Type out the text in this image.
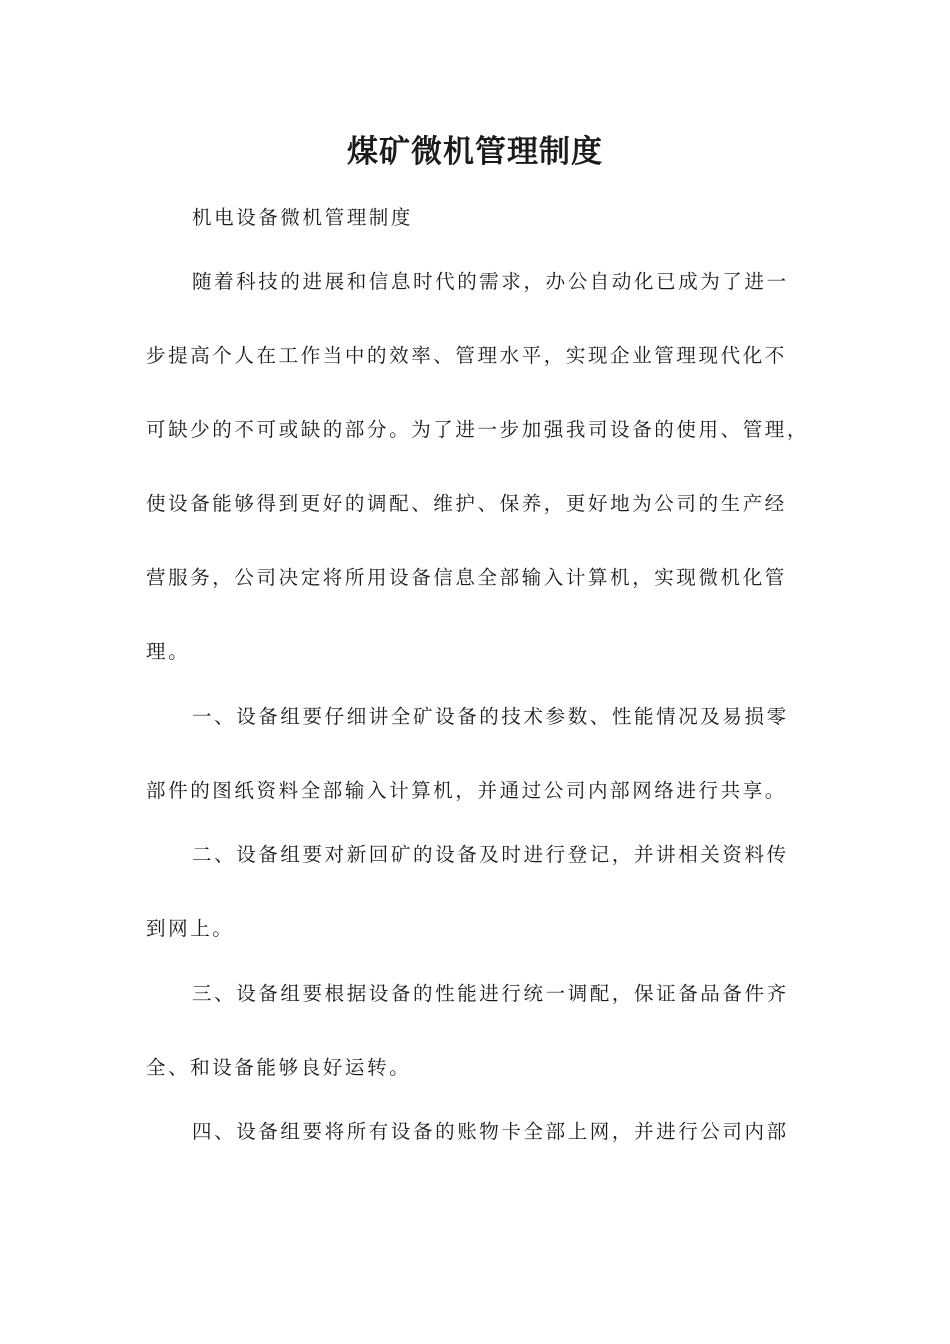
煤矿微机管理制度
机电设备微机管理制度
随着科技的进展和信息时代的需求，办公自动化已成为了进一
步提高个人在工作当中的效率、管理水平，实现企业管理现代化不
可缺少的不可或缺的部分。为了进一步加强我司设备的使用、管理，
使设备能够得到更好的调配、维护、保养，更好地为公司的生产经
营服务，公司决定将所用设备信息全部输入计算机，实现微机化管
理。
一、设备组要仔细讲全矿设备的技术参数、性能情况及易损零
部件的图纸资料全部输入计算机，并通过公司内部网络进行共享。
二、设备组要对新回矿的设备及时进行登记，并讲相关资料传
到网上。
三、设备组要根据设备的性能进行统一调配，保证备品备件齐
全、和设备能够良好运转。
四、设备组要将所有设备的账物卡全部上网，并进行公司内部
